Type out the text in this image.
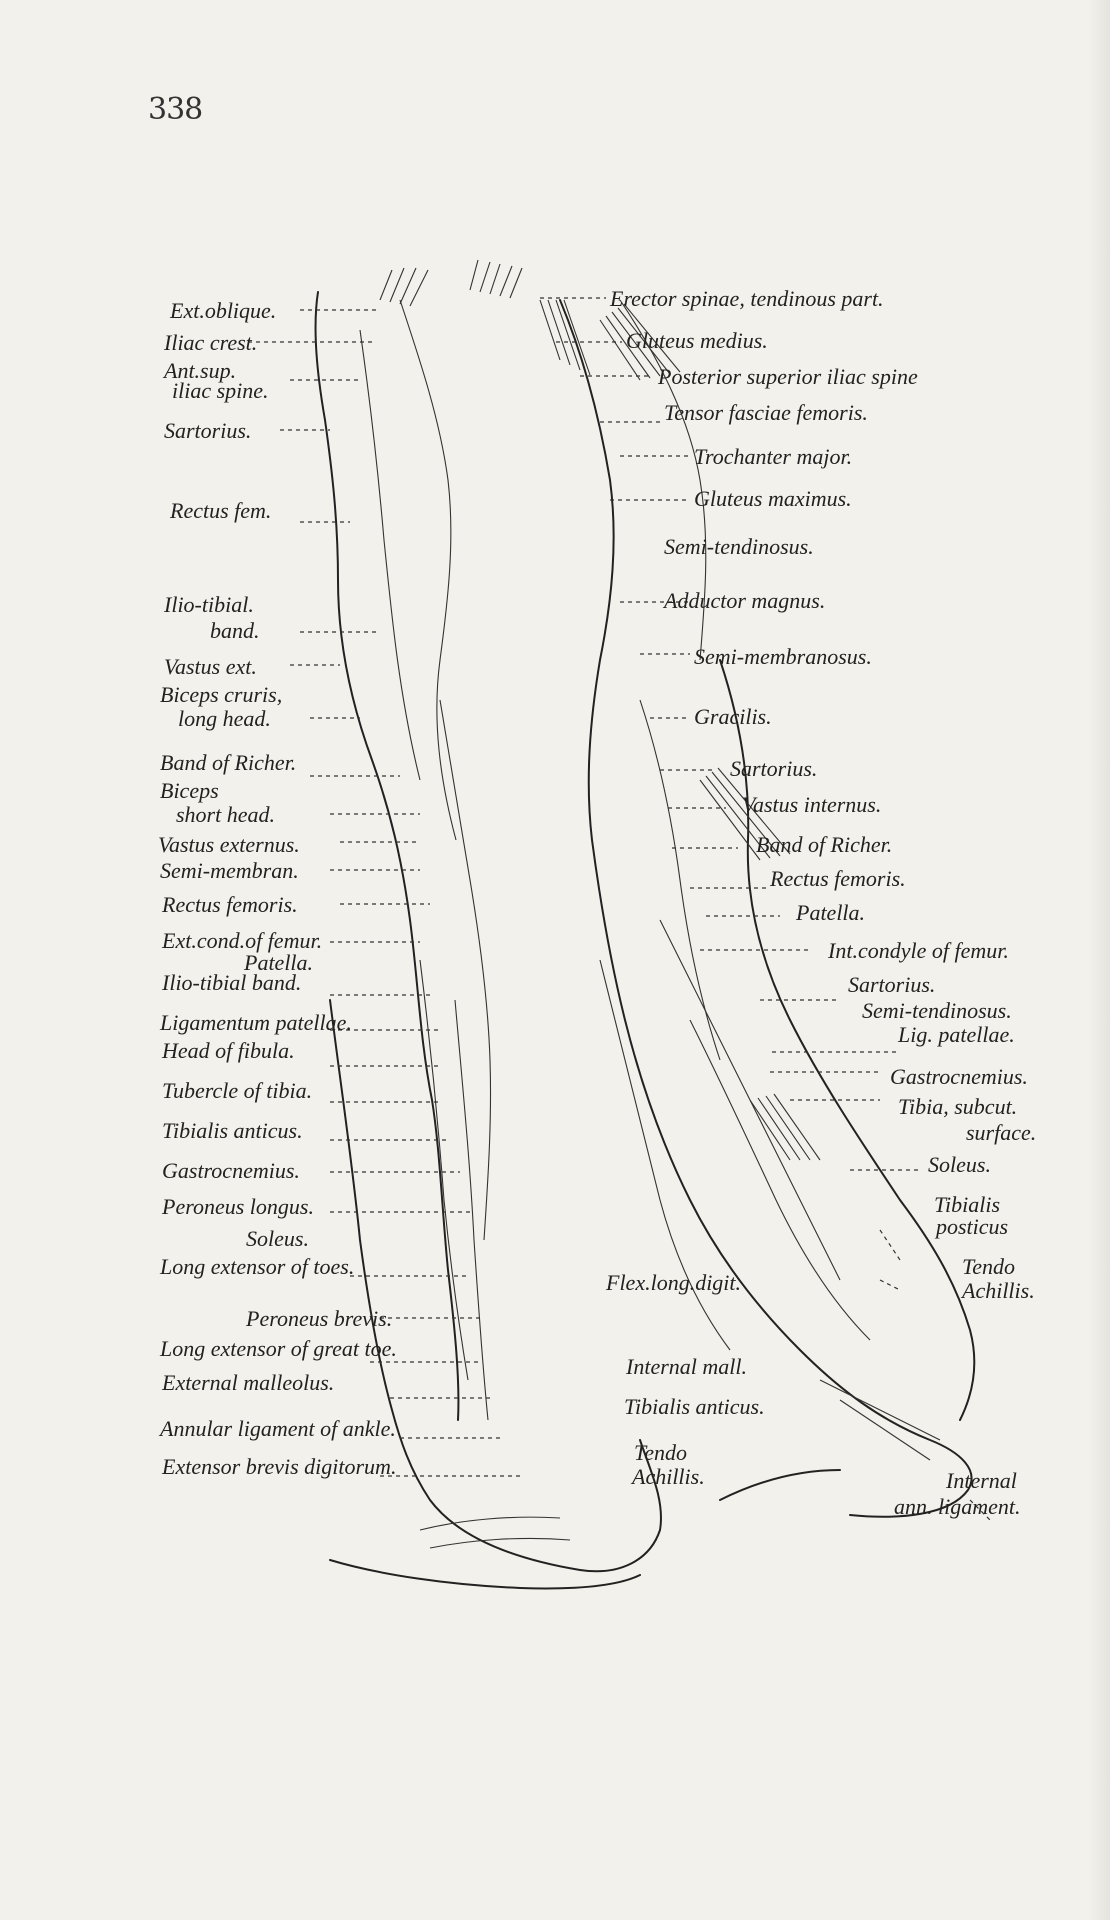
338
Ext.oblique.
Iliac crest.
Ant.sup.
iliac spine.
Sartorius.
Rectus fem.
Ilio-tibial.
band.
Vastus ext.
Biceps cruris,
long head.
Band of Richer.
Biceps
short head.
Vastus externus.
Semi-membran.
Rectus femoris.
Ext.cond.of femur.
Patella.
Ilio-tibial band.
Ligamentum patellae.
Head of fibula.
Tubercle of tibia.
Tibialis anticus.
Gastrocnemius.
Peroneus longus.
Soleus.
Long extensor of toes.
Peroneus brevis.
Long extensor of great toe.
External malleolus.
Annular ligament of ankle.
Extensor brevis digitorum.
Erector spinae, tendinous part.
Gluteus medius.
Posterior superior iliac spine
Tensor fasciae femoris.
Trochanter major.
Gluteus maximus.
Semi-tendinosus.
Adductor magnus.
Semi-membranosus.
Gracilis.
Sartorius.
Vastus internus.
Band of Richer.
Rectus femoris.
Patella.
Int.condyle of femur.
Sartorius.
Semi-tendinosus.
Lig. patellae.
Gastrocnemius.
Tibia, subcut.
surface.
Soleus.
Tibialis
posticus
Tendo
Achillis.
Internal
ann. ligament.
Flex.long.digit.
Internal mall.
Tibialis anticus.
Tendo
Achillis.
